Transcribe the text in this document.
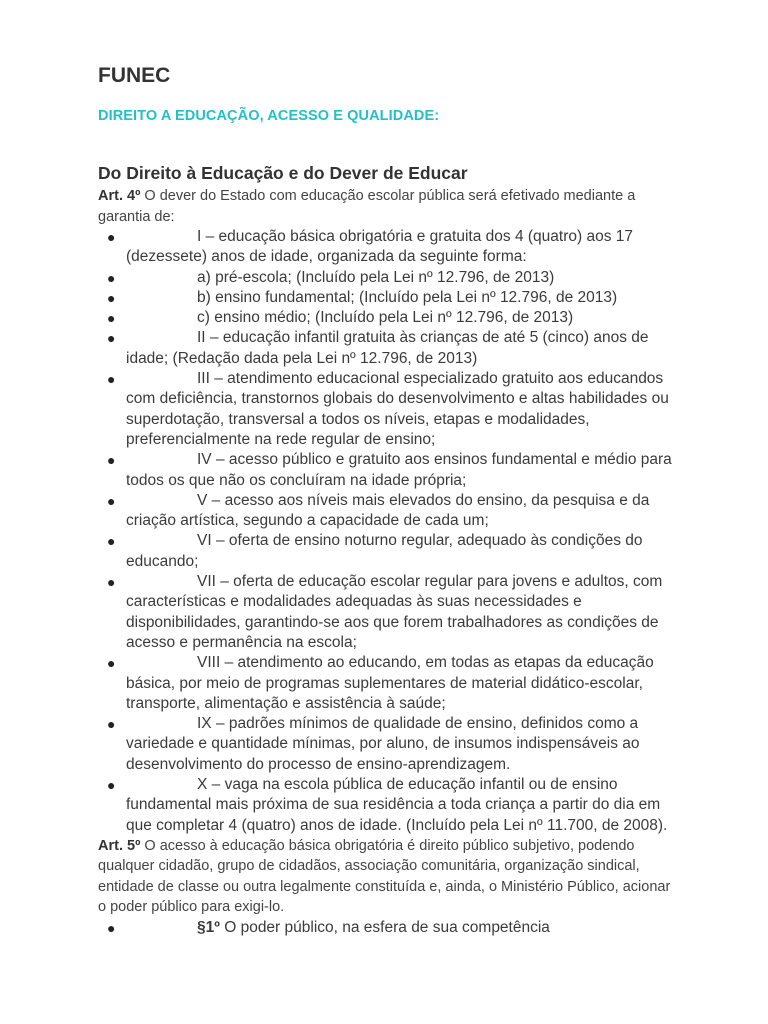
FUNEC
DIREITO A EDUCAÇÃO, ACESSO E QUALIDADE:
Do Direito à Educação e do Dever de Educar

Art. 4º O dever do Estado com educação escolar pública será efetivado mediante a garantia de:

●	I – educação básica obrigatória e gratuita dos 4 (quatro) aos 17 (dezessete) anos de idade, organizada da seguinte forma:
●	a) pré-escola; (Incluído pela Lei nº 12.796, de 2013)
●	b) ensino fundamental; (Incluído pela Lei nº 12.796, de 2013)
●	c) ensino médio; (Incluído pela Lei nº 12.796, de 2013)
●	II – educação infantil gratuita às crianças de até 5 (cinco) anos de idade; (Redação dada pela Lei nº 12.796, de 2013)
●	III – atendimento educacional especializado gratuito aos educandos com deficiência, transtornos globais do desenvolvimento e altas habilidades ou superdotação, transversal a todos os níveis, etapas e modalidades, preferencialmente na rede regular de ensino;
●	IV – acesso público e gratuito aos ensinos fundamental e médio para todos os que não os concluíram na idade própria;
●	V – acesso aos níveis mais elevados do ensino, da pesquisa e da criação artística, segundo a capacidade de cada um;
●	VI – oferta de ensino noturno regular, adequado às condições do educando;
●	VII – oferta de educação escolar regular para jovens e adultos, com características e modalidades adequadas às suas necessidades e disponibilidades, garantindo-se aos que forem trabalhadores as condições de acesso e permanência na escola;
●	VIII – atendimento ao educando, em todas as etapas da educação básica, por meio de programas suplementares de material didático-escolar, transporte, alimentação e assistência à saúde;
●	IX – padrões mínimos de qualidade de ensino, definidos como a variedade e quantidade mínimas, por aluno, de insumos indispensáveis ao desenvolvimento do processo de ensino-aprendizagem.
●	X – vaga na escola pública de educação infantil ou de ensino fundamental mais próxima de sua residência a toda criança a partir do dia em que completar 4 (quatro) anos de idade. (Incluído pela Lei nº 11.700, de 2008).

Art. 5º O acesso à educação básica obrigatória é direito público subjetivo, podendo qualquer cidadão, grupo de cidadãos, associação comunitária, organização sindical, entidade de classe ou outra legalmente constituída e, ainda, o Ministério Público, acionar o poder público para exigi-lo.

●	§1º O poder público, na esfera de sua competência
